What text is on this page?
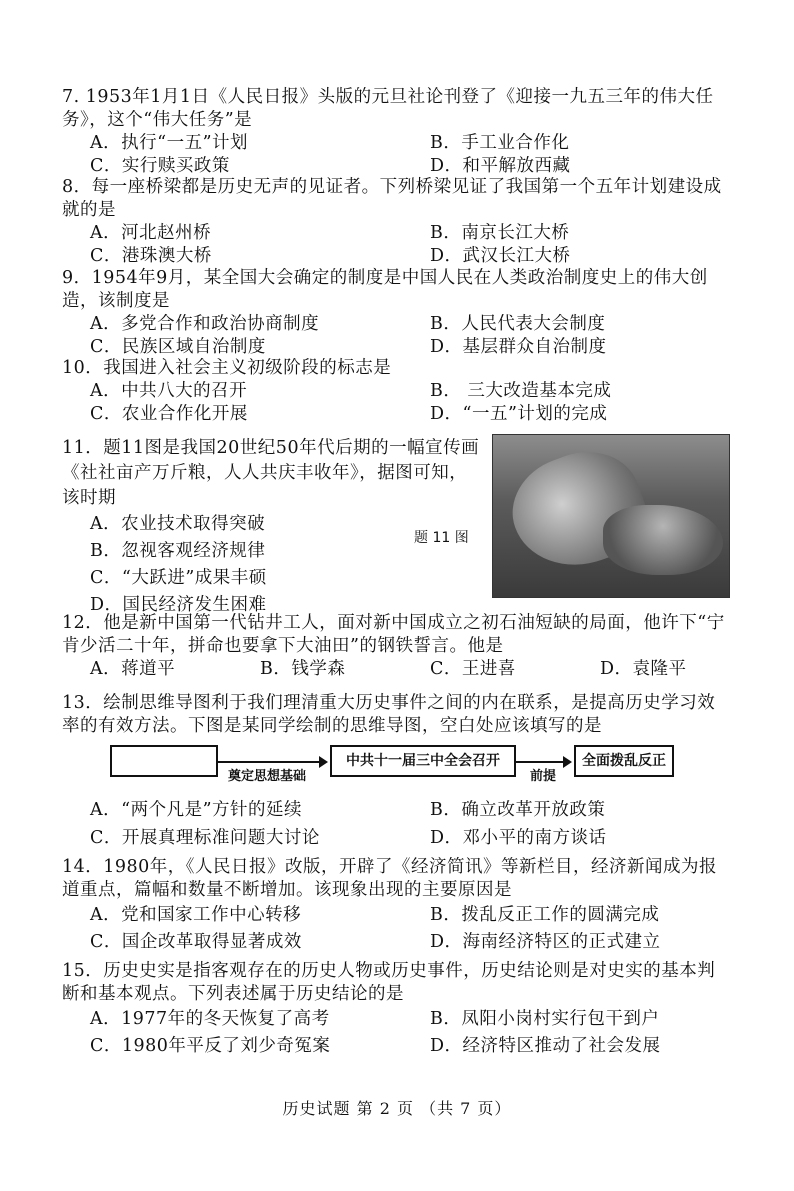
7. 1953年1月1日《人民日报》头版的元旦社论刊登了《迎接一九五三年的伟大任务》，这个“伟大任务”是
A．执行“一五”计划	B．手工业合作化
C．实行赎买政策	D．和平解放西藏
8．每一座桥梁都是历史无声的见证者。下列桥梁见证了我国第一个五年计划建设成就的是
A．河北赵州桥	B．南京长江大桥
C．港珠澳大桥	D．武汉长江大桥
9．1954年9月，某全国大会确定的制度是中国人民在人类政治制度史上的伟大创造，该制度是
A．多党合作和政治协商制度	B．人民代表大会制度
C．民族区域自治制度	D．基层群众自治制度
10．我国进入社会主义初级阶段的标志是
A．中共八大的召开	B． 三大改造基本完成
C．农业合作化开展	D．“一五”计划的完成
11．题11图是我国20世纪50年代后期的一幅宣传画《社社亩产万斤粮，人人共庆丰收年》，据图可知，该时期
A．农业技术取得突破
B．忽视客观经济规律
C．“大跃进”成果丰硕
D．国民经济发生困难
题 11 图
12．他是新中国第一代钻井工人，面对新中国成立之初石油短缺的局面，他许下“宁肯少活二十年，拼命也要拿下大油田”的钢铁誓言。他是
A．蒋道平	B．钱学森	C．王进喜	D．袁隆平
13．绘制思维导图利于我们理清重大历史事件之间的内在联系，是提高历史学习效率的有效方法。下图是某同学绘制的思维导图，空白处应该填写的是
奠定思想基础
中共十一届三中全会召开
前提
全面拨乱反正
A．“两个凡是”方针的延续	B．确立改革开放政策
C．开展真理标准问题大讨论	D．邓小平的南方谈话
14．1980年，《人民日报》改版，开辟了《经济简讯》等新栏目，经济新闻成为报道重点，篇幅和数量不断增加。该现象出现的主要原因是
A．党和国家工作中心转移	B．拨乱反正工作的圆满完成
C．国企改革取得显著成效	D．海南经济特区的正式建立
15．历史史实是指客观存在的历史人物或历史事件，历史结论则是对史实的基本判断和基本观点。下列表述属于历史结论的是
A．1977年的冬天恢复了高考	B．凤阳小岗村实行包干到户
C．1980年平反了刘少奇冤案	D．经济特区推动了社会发展
历史试题 第 2 页 （共 7 页）
